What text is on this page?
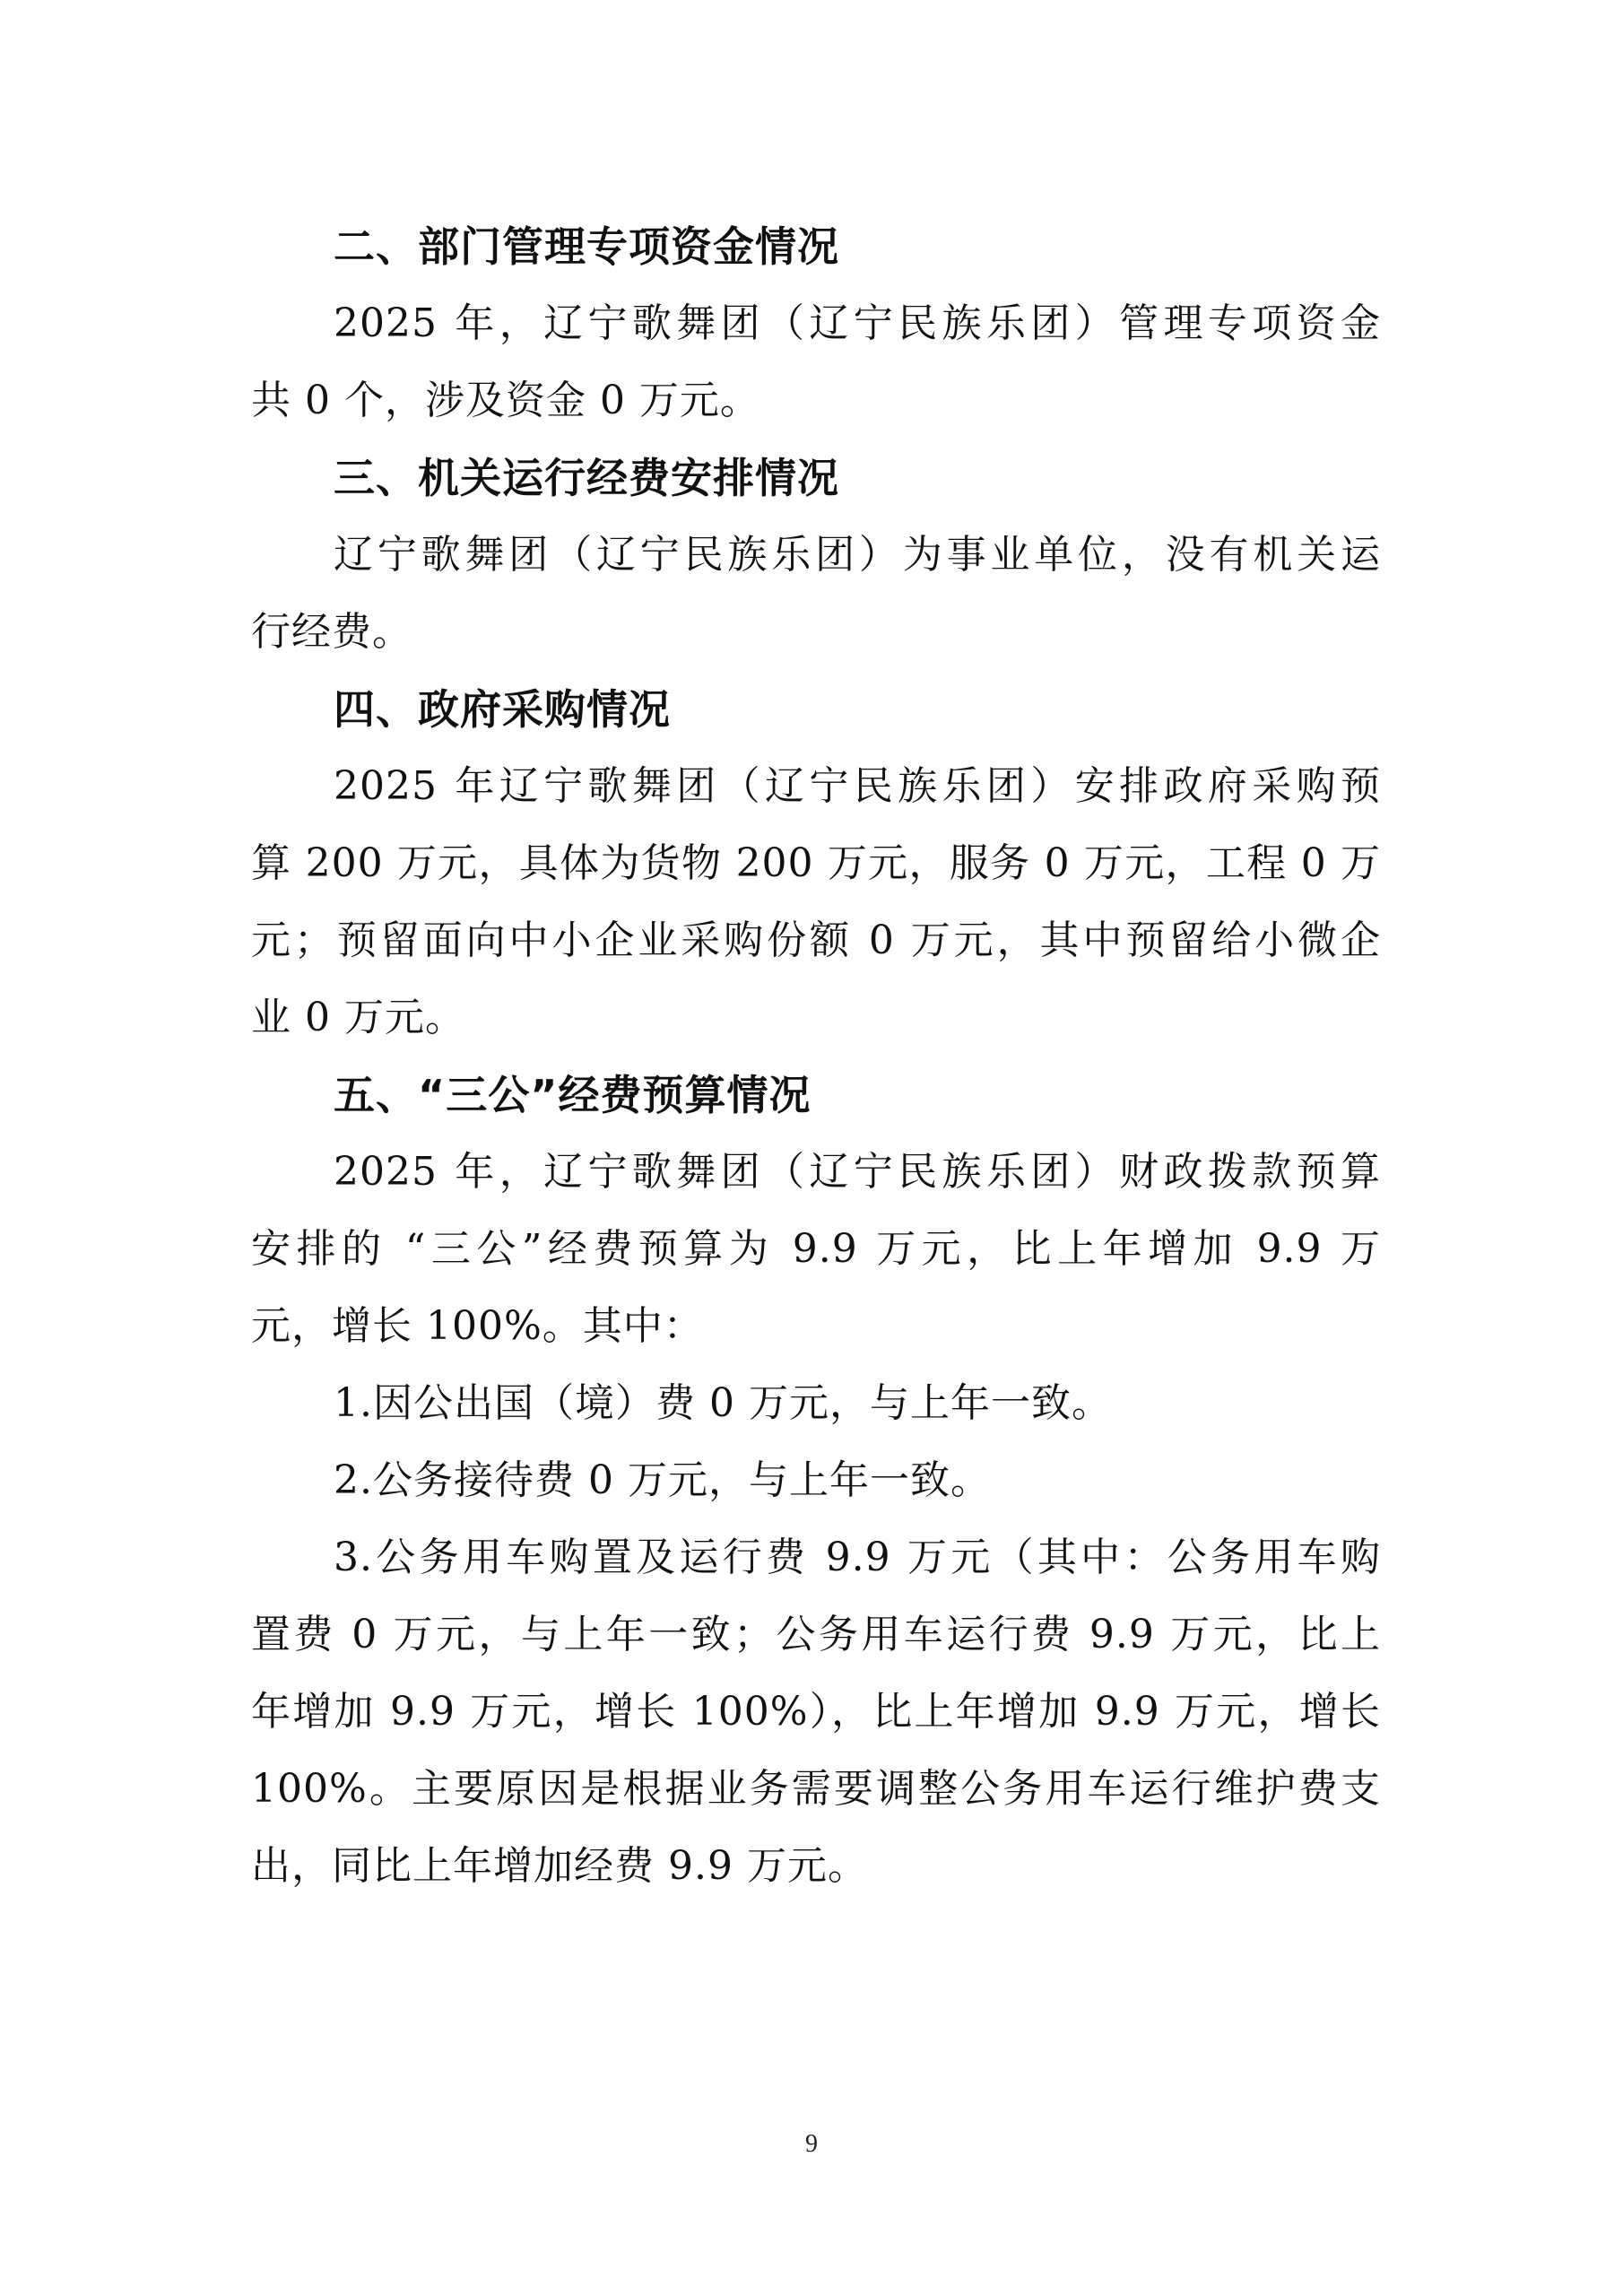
二、部门管理专项资金情况
2025 年，辽宁歌舞团（辽宁民族乐团）管理专项资金
共 0 个，涉及资金 0 万元。
三、机关运行经费安排情况
辽宁歌舞团（辽宁民族乐团）为事业单位，没有机关运
行经费。
四、政府采购情况
2025 年辽宁歌舞团（辽宁民族乐团）安排政府采购预
算 200 万元，具体为货物 200 万元，服务 0 万元，工程 0 万
元；预留面向中小企业采购份额 0 万元，其中预留给小微企
业 0 万元。
五、“三公”经费预算情况
2025 年，辽宁歌舞团（辽宁民族乐团）财政拨款预算
安排的 “三公”经费预算为 9.9 万元，比上年增加 9.9 万
元，增长 100%。其中：
1.因公出国（境）费 0 万元，与上年一致。
2.公务接待费 0 万元，与上年一致。
3.公务用车购置及运行费 9.9 万元（其中：公务用车购
置费 0 万元，与上年一致；公务用车运行费 9.9 万元，比上
年增加 9.9 万元，增长 100%），比上年增加 9.9 万元，增长
100%。主要原因是根据业务需要调整公务用车运行维护费支
出，同比上年增加经费 9.9 万元。
9
